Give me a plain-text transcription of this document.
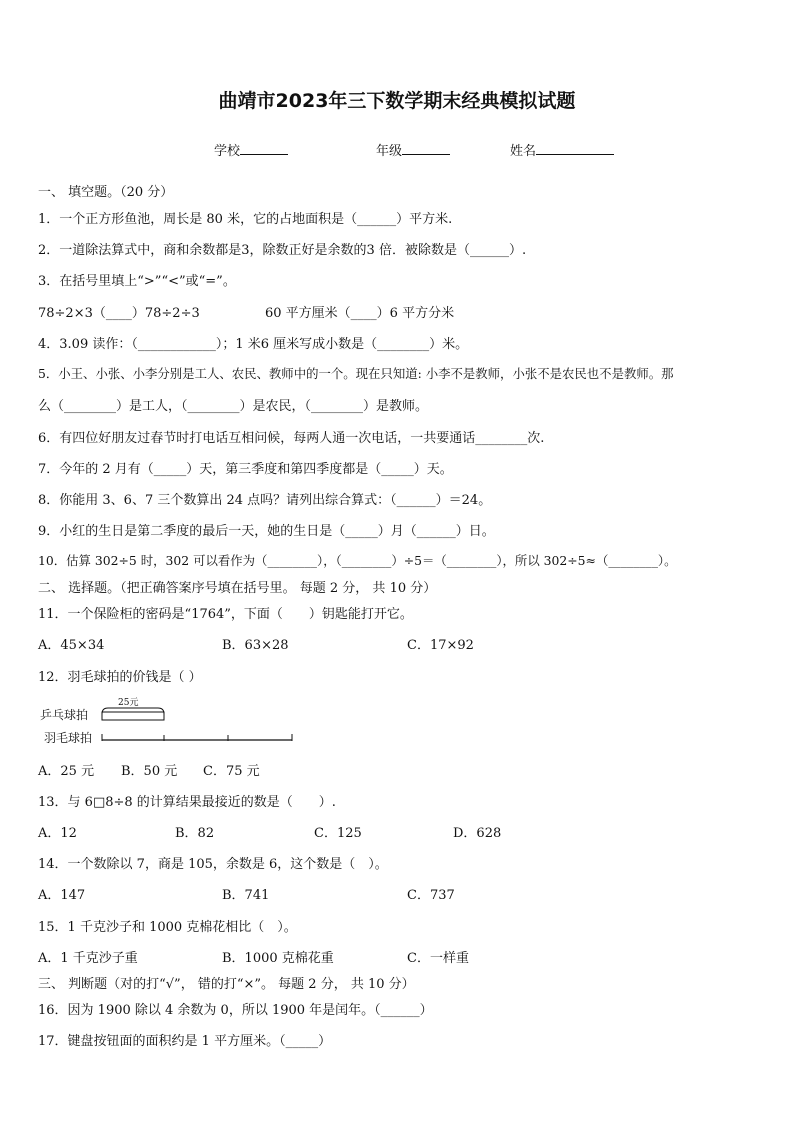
曲靖市2023年三下数学期末经典模拟试题
学校	年级	姓名
一、 填空题。（20 分）
1．一个正方形鱼池，周长是 80 米，它的占地面积是（______）平方米.
2．一道除法算式中，商和余数都是3，除数正好是余数的3 倍．被除数是（______）.
3．在括号里填上“>”“<”或“=”。
78÷2×3（____）78÷2÷3	60 平方厘米（____）6 平方分米
4．3.09 读作：（____________）；1 米6 厘米写成小数是（________）米。
5．小王、小张、小李分别是工人、农民、教师中的一个。现在只知道: 小李不是教师，小张不是农民也不是教师。那
么（________）是工人，（________）是农民，（________）是教师。
6．有四位好朋友过春节时打电话互相问候，每两人通一次电话，一共要通话________次.
7．今年的 2 月有（_____）天，第三季度和第四季度都是（_____）天。
8．你能用 3、6、7 三个数算出 24 点吗？请列出综合算式：（______）＝24。
9．小红的生日是第二季度的最后一天，她的生日是（_____）月（______）日。
10．估算 302÷5 时，302 可以看作为（________），（________）÷5＝（________），所以 302÷5≈（________）。
二、 选择题。（把正确答案序号填在括号里。 每题 2 分， 共 10 分）
11．一个保险柜的密码是“1764”，下面（　　）钥匙能打开它。
A．45×34	B．63×28	C．17×92
12．羽毛球拍的价钱是（ ）
乒乓球拍
羽毛球拍
25元
A．25 元 B．50 元 C．75 元
13．与 6□8÷8 的计算结果最接近的数是（　　）.
A．12	B．82	C．125	D．628
14．一个数除以 7，商是 105，余数是 6，这个数是（　）。
A．147	B．741	C．737
15．1 千克沙子和 1000 克棉花相比（　）。
A．1 千克沙子重	B．1000 克棉花重	C．一样重
三、 判断题（对的打“√”， 错的打“×”。 每题 2 分， 共 10 分）
16．因为 1900 除以 4 余数为 0，所以 1900 年是闰年。（______）
17．键盘按钮面的面积约是 1 平方厘米。（_____）
